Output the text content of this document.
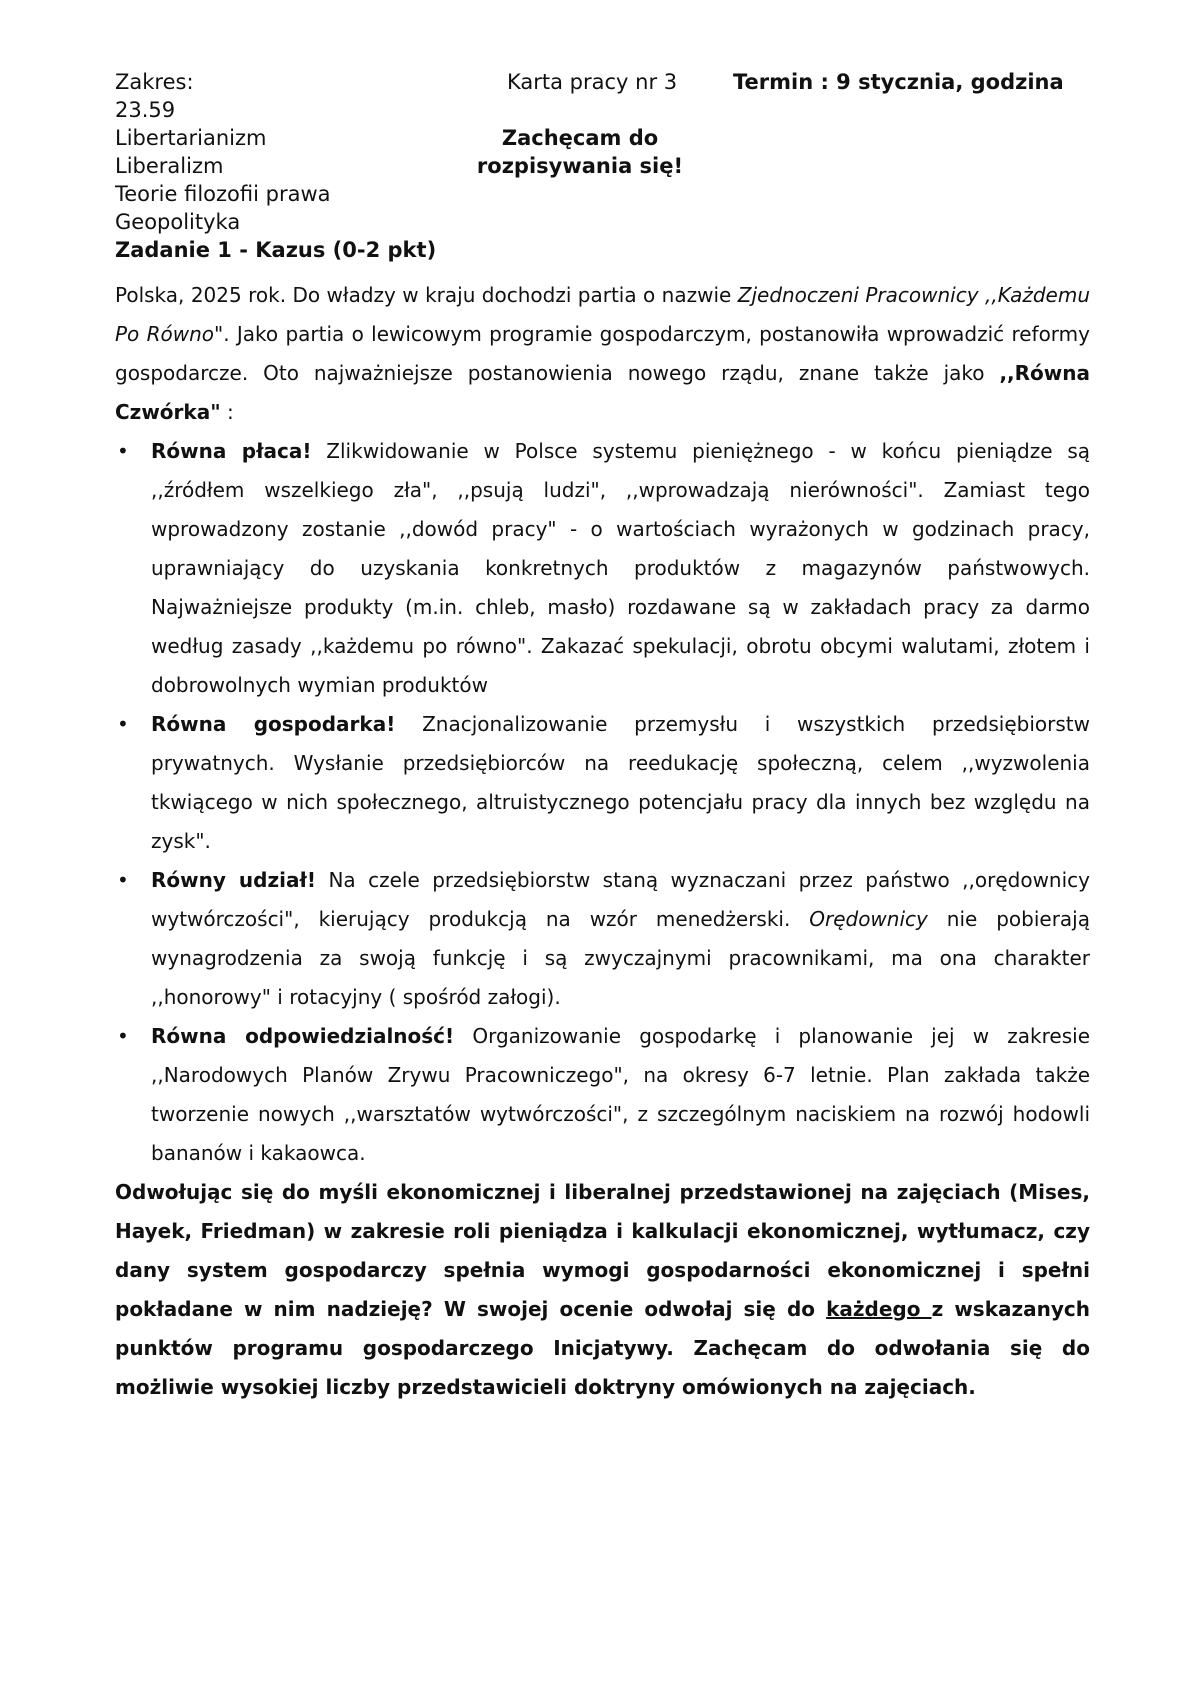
Zakres:	Karta pracy nr 3	Termin : 9 stycznia, godzina
23.59
Libertarianizm
Liberalizm
Teorie filozofii prawa
Geopolityka
Zadanie 1 - Kazus (0-2 pkt)
Zachęcam do
rozpisywania się!

Polska, 2025 rok. Do władzy w kraju dochodzi partia o nazwie Zjednoczeni Pracownicy ,,Każdemu Po Równo". Jako partia o lewicowym programie gospodarczym, postanowiła wprowadzić reformy gospodarcze. Oto najważniejsze postanowienia nowego rządu, znane także jako ,,Równa Czwórka" :

• Równa płaca! Zlikwidowanie w Polsce systemu pieniężnego - w końcu pieniądze są ,,źródłem wszelkiego zła", ,,psują ludzi", ,,wprowadzają nierówności". Zamiast tego wprowadzony zostanie ,,dowód pracy" - o wartościach wyrażonych w godzinach pracy, uprawniający do uzyskania konkretnych produktów z magazynów państwowych. Najważniejsze produkty (m.in. chleb, masło) rozdawane są w zakładach pracy za darmo według zasady ,,każdemu po równo". Zakazać spekulacji, obrotu obcymi walutami, złotem i dobrowolnych wymian produktów
• Równa gospodarka! Znacjonalizowanie przemysłu i wszystkich przedsiębiorstw prywatnych. Wysłanie przedsiębiorców na reedukację społeczną, celem ,,wyzwolenia tkwiącego w nich społecznego, altruistycznego potencjału pracy dla innych bez względu na zysk".
• Równy udział! Na czele przedsiębiorstw staną wyznaczani przez państwo ,,orędownicy wytwórczości", kierujący produkcją na wzór menedżerski. Orędownicy nie pobierają wynagrodzenia za swoją funkcję i są zwyczajnymi pracownikami, ma ona charakter ,,honorowy" i rotacyjny ( spośród załogi).
• Równa odpowiedzialność! Organizowanie gospodarkę i planowanie jej w zakresie ,,Narodowych Planów Zrywu Pracowniczego", na okresy 6-7 letnie. Plan zakłada także tworzenie nowych ,,warsztatów wytwórczości", z szczególnym naciskiem na rozwój hodowli bananów i kakaowca.

Odwołując się do myśli ekonomicznej i liberalnej przedstawionej na zajęciach (Mises, Hayek, Friedman) w zakresie roli pieniądza i kalkulacji ekonomicznej, wytłumacz, czy dany system gospodarczy spełnia wymogi gospodarności ekonomicznej i spełni pokładane w nim nadzieję? W swojej ocenie odwołaj się do każdego z wskazanych punktów programu gospodarczego Inicjatywy. Zachęcam do odwołania się do możliwie wysokiej liczby przedstawicieli doktryny omówionych na zajęciach.
